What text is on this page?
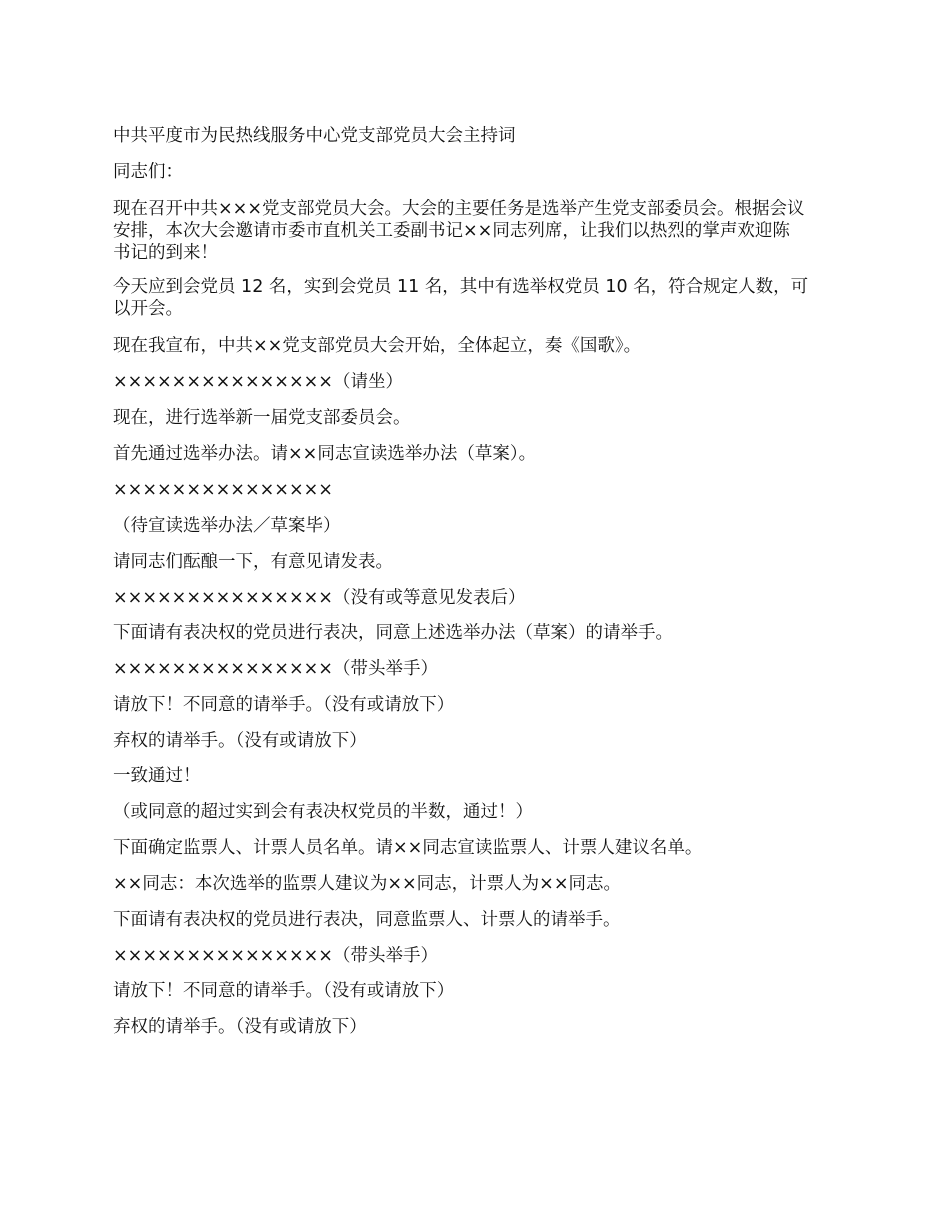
中共平度市为民热线服务中心党支部党员大会主持词
同志们：
现在召开中共×××党支部党员大会。大会的主要任务是选举产生党支部委员会。根据会议
安排，本次大会邀请市委市直机关工委副书记××同志列席，让我们以热烈的掌声欢迎陈
书记的到来！
今天应到会党员 12 名，实到会党员 11 名，其中有选举权党员 10 名，符合规定人数，可
以开会。
现在我宣布，中共××党支部党员大会开始，全体起立，奏《国歌》。
×××××××××××××××（请坐）
现在，进行选举新一届党支部委员会。
首先通过选举办法。请××同志宣读选举办法（草案）。
×××××××××××××××
（待宣读选举办法／草案毕）
请同志们酝酿一下，有意见请发表。
×××××××××××××××（没有或等意见发表后）
下面请有表决权的党员进行表决，同意上述选举办法（草案）的请举手。
×××××××××××××××（带头举手）
请放下！不同意的请举手。（没有或请放下）
弃权的请举手。（没有或请放下）
一致通过！
（或同意的超过实到会有表决权党员的半数，通过！）
下面确定监票人、计票人员名单。请××同志宣读监票人、计票人建议名单。
××同志：本次选举的监票人建议为××同志，计票人为××同志。
下面请有表决权的党员进行表决，同意监票人、计票人的请举手。
×××××××××××××××（带头举手）
请放下！不同意的请举手。（没有或请放下）
弃权的请举手。（没有或请放下）
